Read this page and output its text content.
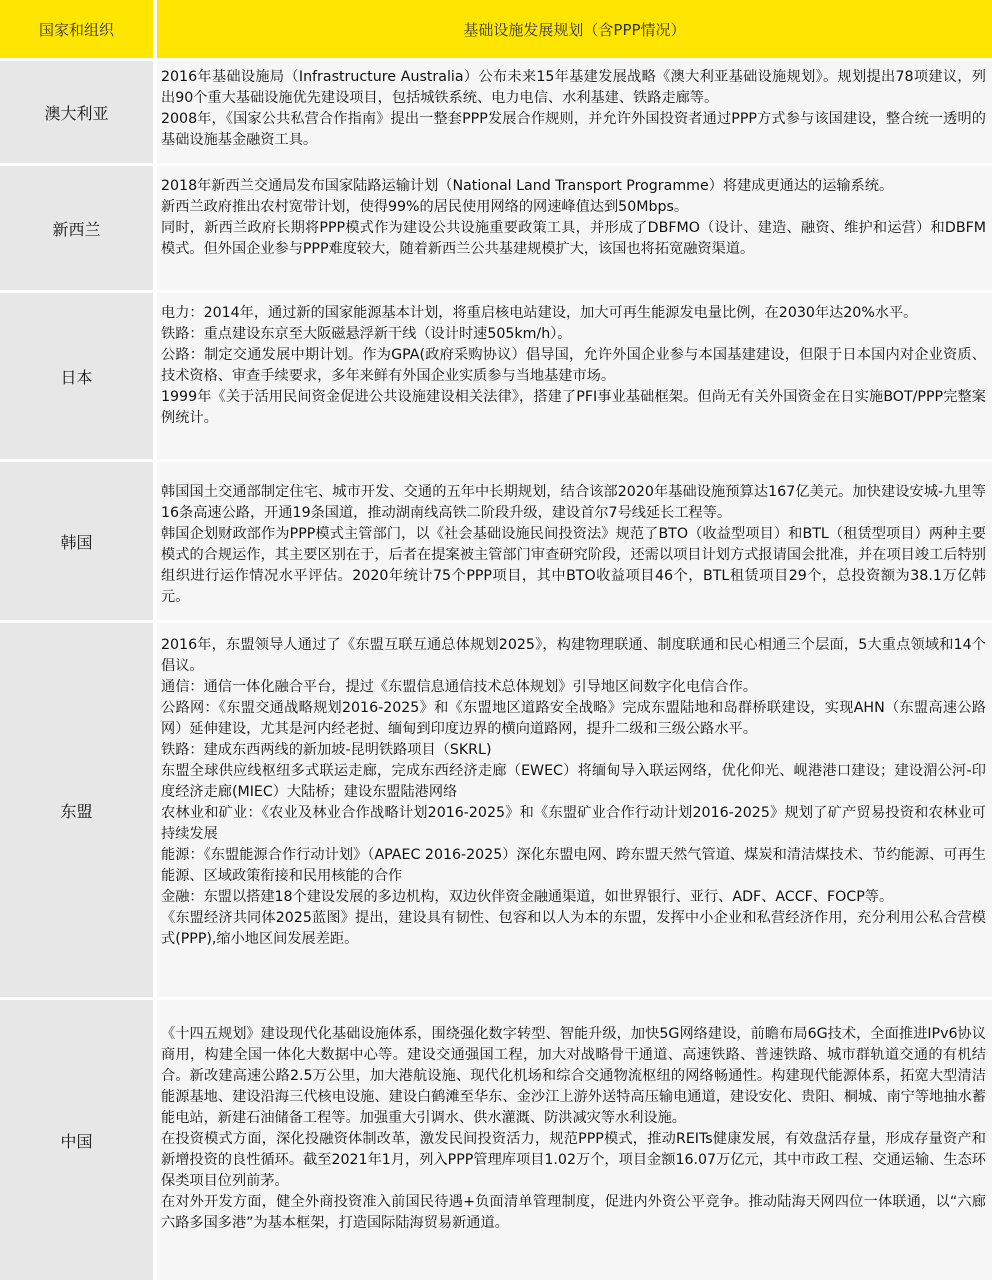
国家和组织	基础设施发展规划（含PPP情况）
澳大利亚

2016年基础设施局（Infrastructure Australia）公布未来15年基建发展战略《澳大利亚基础设施规划》。规划提出78项建议，列出90个重大基础设施优先建设项目，包括城铁系统、电力电信、水利基建、铁路走廊等。

2008年，《国家公共私营合作指南》提出一整套PPP发展合作规则，并允许外国投资者通过PPP方式参与该国建设，整合统一透明的基础设施基金融资工具。

新西兰

2018年新西兰交通局发布国家陆路运输计划（National Land Transport Programme）将建成更通达的运输系统。

新西兰政府推出农村宽带计划，使得99%的居民使用网络的网速峰值达到50Mbps。

同时，新西兰政府长期将PPP模式作为建设公共设施重要政策工具，并形成了DBFMO（设计、建造、融资、维护和运营）和DBFM模式。但外国企业参与PPP难度较大，随着新西兰公共基建规模扩大，该国也将拓宽融资渠道。

日本

电力：2014年，通过新的国家能源基本计划，将重启核电站建设，加大可再生能源发电量比例，在2030年达20%水平。

铁路：重点建设东京至大阪磁悬浮新干线（设计时速505km/h）。

公路：制定交通发展中期计划。作为GPA(政府采购协议）倡导国，允许外国企业参与本国基建建设，但限于日本国内对企业资质、技术资格、审查手续要求，多年来鲜有外国企业实质参与当地基建市场。

1999年《关于活用民间资金促进公共设施建设相关法律》，搭建了PFI事业基础框架。但尚无有关外国资金在日实施BOT/PPP完整案例统计。

韩国

韩国国土交通部制定住宅、城市开发、交通的五年中长期规划，结合该部2020年基础设施预算达167亿美元。加快建设安城-九里等16条高速公路，开通19条国道，推动湖南线高铁二阶段升级，建设首尔7号线延长工程等。

韩国企划财政部作为PPP模式主管部门，以《社会基础设施民间投资法》规范了BTO（收益型项目）和BTL（租赁型项目）两种主要模式的合规运作，其主要区别在于，后者在提案被主管部门审查研究阶段，还需以项目计划方式报请国会批准，并在项目竣工后特别组织进行运作情况水平评估。2020年统计75个PPP项目，其中BTO收益项目46个，BTL租赁项目29个，总投资额为38.1万亿韩元。

东盟

2016年，东盟领导人通过了《东盟互联互通总体规划2025》，构建物理联通、制度联通和民心相通三个层面，5大重点领域和14个倡议。

通信：通信一体化融合平台，提过《东盟信息通信技术总体规划》引导地区间数字化电信合作。

公路网：《东盟交通战略规划2016-2025》和《东盟地区道路安全战略》完成东盟陆地和岛群桥联建设，实现AHN（东盟高速公路网）延伸建设，尤其是河内经老挝、缅甸到印度边界的横向道路网，提升二级和三级公路水平。

铁路：建成东西两线的新加坡-昆明铁路项目（SKRL)

东盟全球供应线枢纽多式联运走廊，完成东西经济走廊（EWEC）将缅甸导入联运网络，优化仰光、岘港港口建设；建设湄公河-印度经济走廊(MIEC）大陆桥；建设东盟陆港网络

农林业和矿业：《农业及林业合作战略计划2016-2025》和《东盟矿业合作行动计划2016-2025》规划了矿产贸易投资和农林业可持续发展

能源：《东盟能源合作行动计划》（APAEC 2016-2025）深化东盟电网、跨东盟天然气管道、煤炭和清洁煤技术、节约能源、可再生能源、区域政策衔接和民用核能的合作

金融：东盟以搭建18个建设发展的多边机构，双边伙伴资金融通渠道，如世界银行、亚行、ADF、ACCF、FOCP等。

《东盟经济共同体2025蓝图》提出，建设具有韧性、包容和以人为本的东盟，发挥中小企业和私营经济作用，充分利用公私合营模式(PPP),缩小地区间发展差距。

中国

《十四五规划》建设现代化基础设施体系，围绕强化数字转型、智能升级，加快5G网络建设，前瞻布局6G技术，全面推进IPv6协议商用，构建全国一体化大数据中心等。建设交通强国工程，加大对战略骨干通道、高速铁路、普速铁路、城市群轨道交通的有机结合。新改建高速公路2.5万公里，加大港航设施、现代化机场和综合交通物流枢纽的网络畅通性。构建现代能源体系，拓宽大型清洁能源基地、建设沿海三代核电设施、建设白鹤滩至华东、金沙江上游外送特高压输电通道，建设安化、贵阳、桐城、南宁等地抽水蓄能电站，新建石油储备工程等。加强重大引调水、供水灌溉、防洪减灾等水利设施。

在投资模式方面，深化投融资体制改革，激发民间投资活力，规范PPP模式，推动REITs健康发展，有效盘活存量，形成存量资产和新增投资的良性循环。截至2021年1月，列入PPP管理库项目1.02万个，项目金额16.07万亿元，其中市政工程、交通运输、生态环保类项目位列前茅。

在对外开发方面，健全外商投资准入前国民待遇+负面清单管理制度，促进内外资公平竞争。推动陆海天网四位一体联通，以“六廊六路多国多港”为基本框架，打造国际陆海贸易新通道。
